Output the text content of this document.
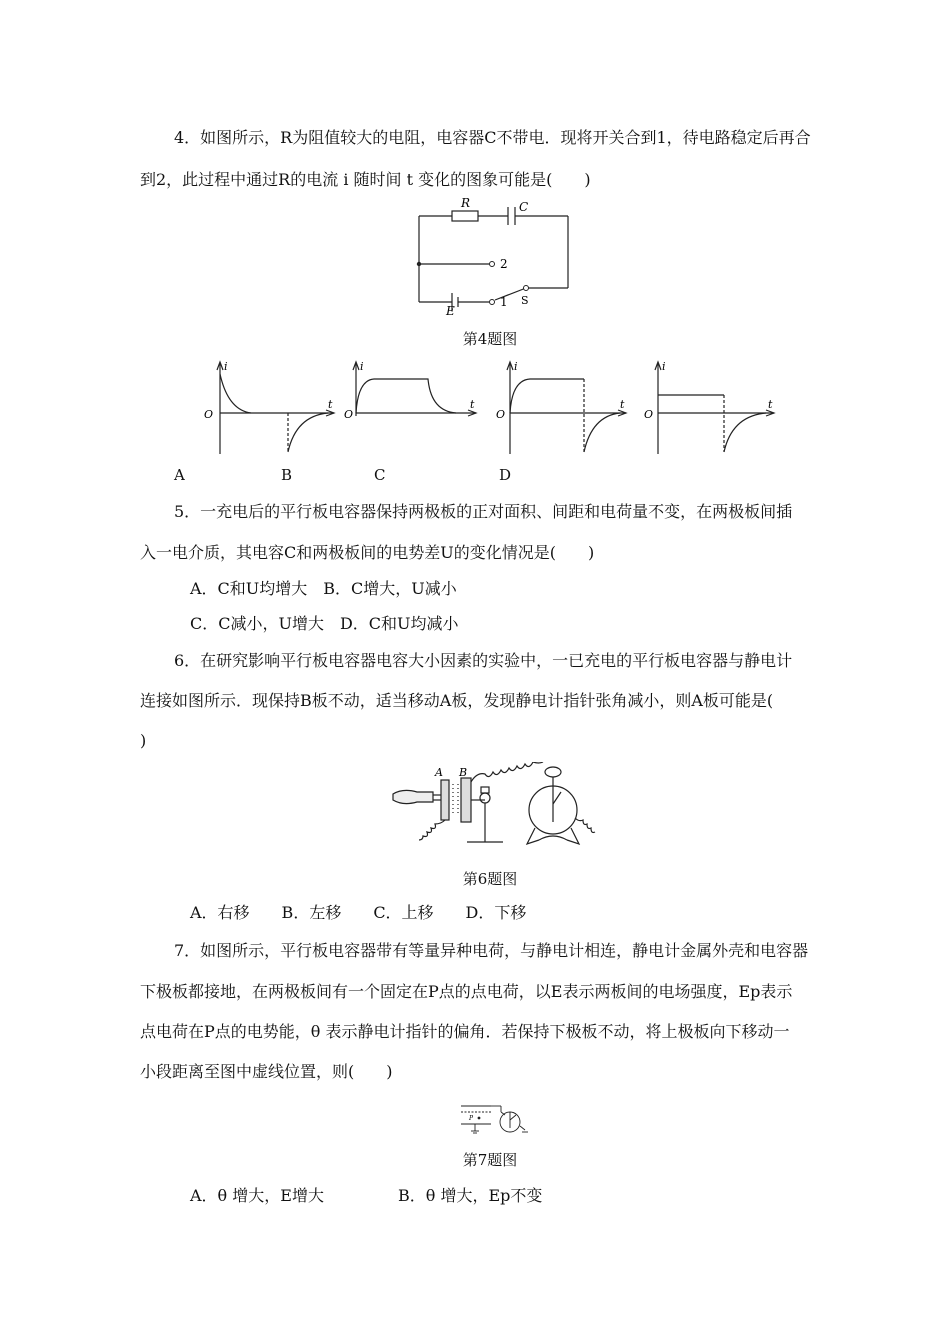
4．如图所示，R为阻值较大的电阻，电容器C不带电．现将开关合到1，待电路稳定后再合
到2，此过程中通过R的电流 i 随时间 t 变化的图象可能是(　　)
R	C
2
1 S
E
第4题图
i
t
O
i
t
O
i
t
O
i
t
O
A	B	C	D
5．一充电后的平行板电容器保持两极板的正对面积、间距和电荷量不变，在两极板间插
入一电介质，其电容C和两极板间的电势差U的变化情况是(　　)
A．C和U均增大　B．C增大，U减小
C．C减小，U增大　D．C和U均减小
6．在研究影响平行板电容器电容大小因素的实验中，一已充电的平行板电容器与静电计
连接如图所示．现保持B板不动，适当移动A板，发现静电计指针张角减小，则A板可能是(
)
A B
第6题图
A．右移　　B．左移　　C．上移　　D．下移
7．如图所示，平行板电容器带有等量异种电荷，与静电计相连，静电计金属外壳和电容器
下极板都接地，在两极板间有一个固定在P点的点电荷，以E表示两板间的电场强度，Ep表示
点电荷在P点的电势能，θ 表示静电计指针的偏角．若保持下极板不动，将上极板向下移动一
小段距离至图中虚线位置，则(　　)
P
第7题图
A．θ 增大，E增大	B．θ 增大，Ep不变
